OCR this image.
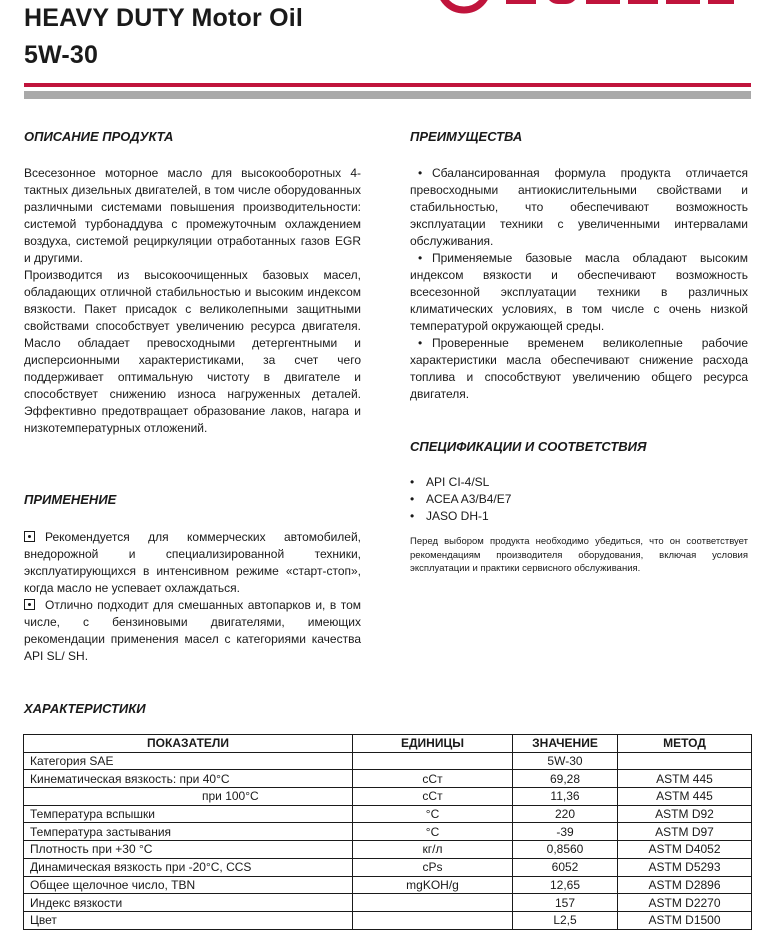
HEAVY DUTY Motor Oil
5W-30
ОПИСАНИЕ ПРОДУКТА

Всесезонное моторное масло для высокооборотных 4-тактных дизельных двигателей, в том числе оборудованных различными системами повышения производительности: системой турбонаддува с промежуточным охлаждением воздуха, системой рециркуляции отработанных газов EGR и другими.

Производится из высокоочищенных базовых масел, обладающих отличной стабильностью и высоким индексом вязкости. Пакет присадок с великолепными защитными свойствами способствует увеличению ресурса двигателя. Масло обладает превосходными детергентными и дисперсионными характеристиками, за счет чего поддерживает оптимальную чистоту в двигателе и способствует снижению износа нагруженных деталей. Эффективно предотвращает образование лаков, нагара и низкотемпературных отложений.

ПРИМЕНЕНИЕ

Рекомендуется для коммерческих автомобилей, внедорожной и специализированной техники, эксплуатирующихся в интенсивном режиме «старт-стоп», когда масло не успевает охлаждаться.

Отлично подходит для смешанных автопарков и, в том числе, с бензиновыми двигателями, имеющих рекомендации применения масел с категориями качества API SL/ SH.

ПРЕИМУЩЕСТВА

• Сбалансированная формула продукта отличается превосходными антиокислительными свойствами и стабильностью, что обеспечивают возможность эксплуатации техники с увеличенными интервалами обслуживания.

• Применяемые базовые масла обладают высоким индексом вязкости и обеспечивают возможность всесезонной эксплуатации техники в различных климатических условиях, в том числе с очень низкой температурой окружающей среды.

• Проверенные временем великолепные рабочие характеристики масла обеспечивают снижение расхода топлива и способствуют увеличению общего ресурса двигателя.

СПЕЦИФИКАЦИИ И СООТВЕТСТВИЯ
• API CI-4/SL
• ACEA A3/B4/E7
• JASO DH-1

Перед выбором продукта необходимо убедиться, что он соответствует рекомендациям производителя оборудования, включая условия эксплуатации и практики сервисного обслуживания.

ХАРАКТЕРИСТИКИ
ПОКАЗАТЕЛИ	ЕДИНИЦЫ	ЗНАЧЕНИЕ	МЕТОД
Категория SAE		5W-30	
Кинематическая вязкость: при 40°С	сСт	69,28	ASTM 445
при 100°С	сСт	11,36	ASTM 445
Температура вспышки	°С	220	ASTM D92
Температура застывания	°С	-39	ASTM D97
Плотность при +30 °С	кг/л	0,8560	ASTM D4052
Динамическая вязкость при -20°С, CCS	cPs	6052	ASTM D5293
Общее щелочное число, TBN	mgKOH/g	12,65	ASTM D2896
Индекс вязкости		157	ASTM D2270
Цвет		L2,5	ASTM D1500
